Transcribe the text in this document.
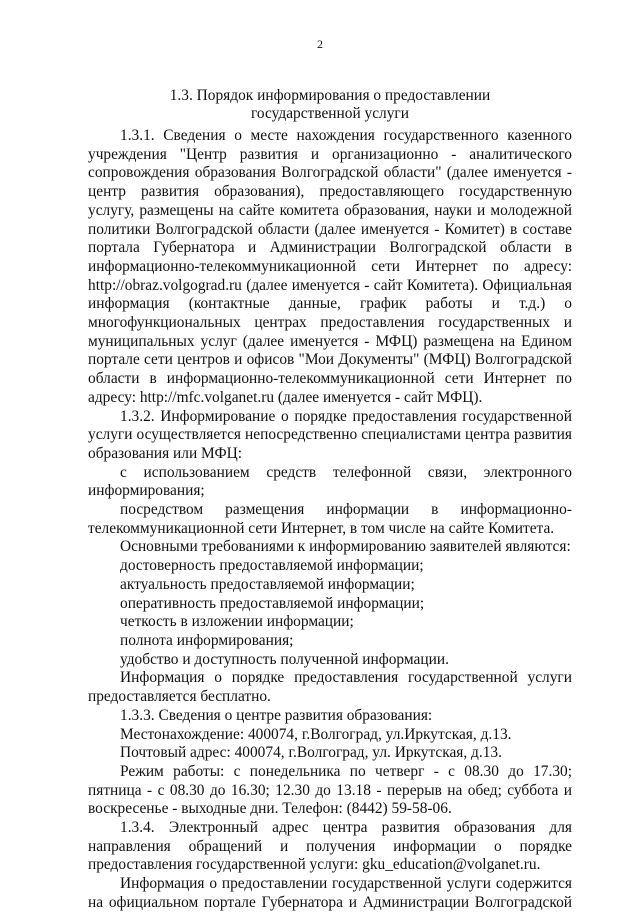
2
1.3. Порядок информирования о предоставлении
государственной услуги

1.3.1. Сведения о месте нахождения государственного казенного учреждения "Центр развития и организационно - аналитического сопровождения образования Волгоградской области" (далее именуется - центр развития образования), предоставляющего государственную услугу, размещены на сайте комитета образования, науки и молодежной политики Волгоградской области (далее именуется - Комитет) в составе портала Губернатора и Администрации Волгоградской области в информационно-телекоммуникационной сети Интернет по адресу: http://obraz.volgograd.ru (далее именуется - сайт Комитета). Официальная информация (контактные данные, график работы и т.д.) о многофункциональных центрах предоставления государственных и муниципальных услуг (далее именуется - МФЦ) размещена на Едином портале сети центров и офисов "Мои Документы" (МФЦ) Волгоградской области в информационно-телекоммуникационной сети Интернет по адресу: http://mfc.volganet.ru (далее именуется - сайт МФЦ).

1.3.2. Информирование о порядке предоставления государственной услуги осуществляется непосредственно специалистами центра развития образования или МФЦ:

с использованием средств телефонной связи, электронного информирования;

посредством размещения информации в информационно-телекоммуникационной сети Интернет, в том числе на сайте Комитета.

Основными требованиями к информированию заявителей являются:

достоверность предоставляемой информации;

актуальность предоставляемой информации;

оперативность предоставляемой информации;

четкость в изложении информации;

полнота информирования;

удобство и доступность полученной информации.

Информация о порядке предоставления государственной услуги предоставляется бесплатно.

1.3.3. Сведения о центре развития образования:

Местонахождение: 400074, г.Волгоград, ул.Иркутская, д.13.

Почтовый адрес: 400074, г.Волгоград, ул. Иркутская, д.13.

Режим работы: с понедельника по четверг - с 08.30 до 17.30; пятница - с 08.30 до 16.30; 12.30 до 13.18 - перерыв на обед; суббота и воскресенье - выходные дни. Телефон: (8442) 59-58-06.

1.3.4. Электронный адрес центра развития образования для направления обращений и получения информации о порядке предоставления государственной услуги: gku_education@volganet.ru.

Информация о предоставлении государственной услуги содержится на официальном портале Губернатора и Администрации Волгоградской
